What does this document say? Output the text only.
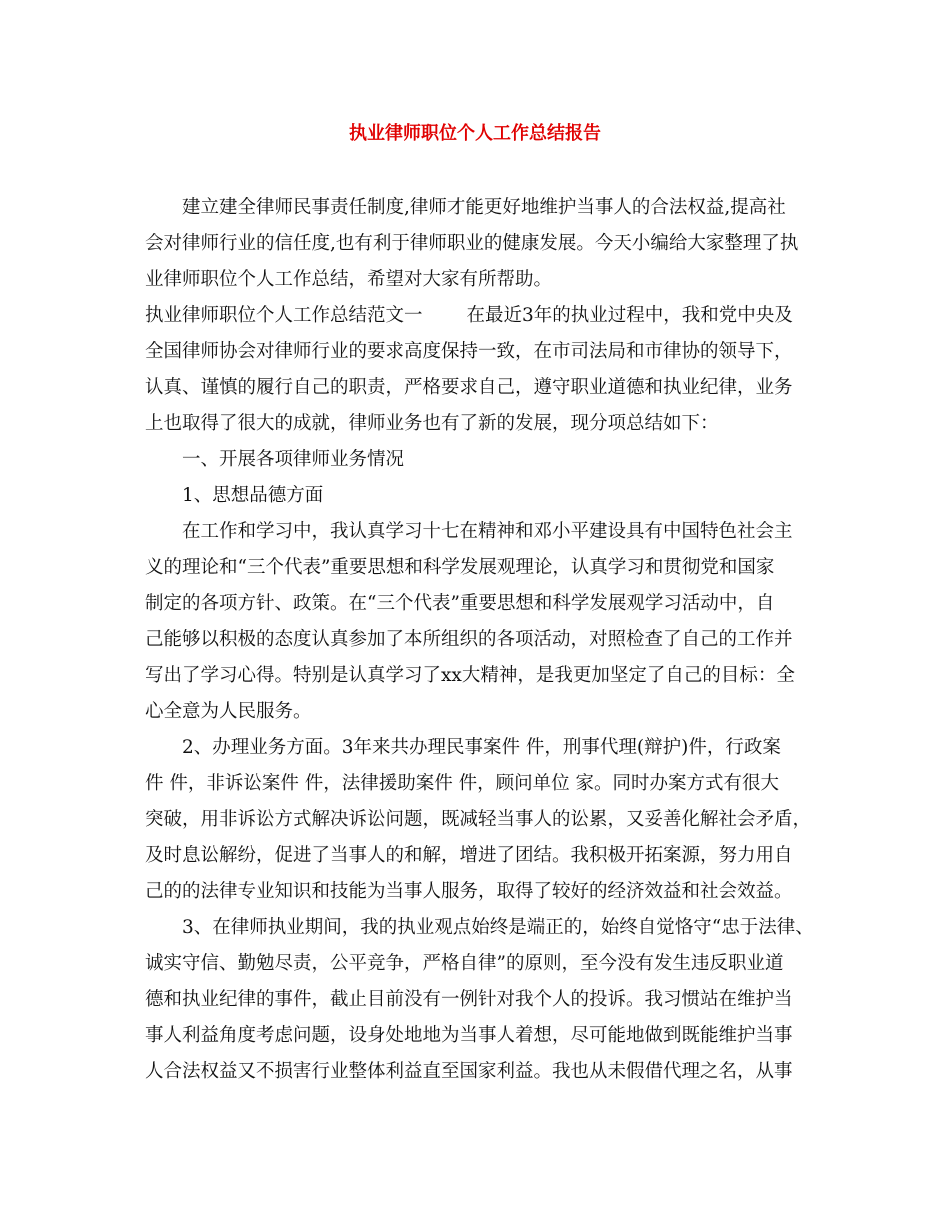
执业律师职位个人工作总结报告
建立建全律师民事责任制度,律师才能更好地维护当事人的合法权益,提高社
会对律师行业的信任度,也有利于律师职业的健康发展。今天小编给大家整理了执
业律师职位个人工作总结，希望对大家有所帮助。
执业律师职位个人工作总结范文一 在最近3年的执业过程中，我和党中央及
全国律师协会对律师行业的要求高度保持一致，在市司法局和市律协的领导下，
认真、谨慎的履行自己的职责，严格要求自己，遵守职业道德和执业纪律，业务
上也取得了很大的成就，律师业务也有了新的发展，现分项总结如下：
一、开展各项律师业务情况
1、思想品德方面
在工作和学习中，我认真学习十七在精神和邓小平建设具有中国特色社会主
义的理论和“三个代表”重要思想和科学发展观理论，认真学习和贯彻党和国家
制定的各项方针、政策。在“三个代表”重要思想和科学发展观学习活动中，自
己能够以积极的态度认真参加了本所组织的各项活动，对照检查了自己的工作并
写出了学习心得。特别是认真学习了xx大精神，是我更加坚定了自己的目标：全
心全意为人民服务。
2、办理业务方面。3年来共办理民事案件 件，刑事代理(辩护)件，行政案
件 件，非诉讼案件 件，法律援助案件 件，顾问单位 家。同时办案方式有很大
突破，用非诉讼方式解决诉讼问题，既减轻当事人的讼累，又妥善化解社会矛盾，
及时息讼解纷，促进了当事人的和解，增进了团结。我积极开拓案源，努力用自
己的的法律专业知识和技能为当事人服务，取得了较好的经济效益和社会效益。
3、在律师执业期间，我的执业观点始终是端正的，始终自觉恪守“忠于法律、
诚实守信、勤勉尽责，公平竞争，严格自律”的原则，至今没有发生违反职业道
德和执业纪律的事件，截止目前没有一例针对我个人的投诉。我习惯站在维护当
事人利益角度考虑问题，设身处地地为当事人着想，尽可能地做到既能维护当事
人合法权益又不损害行业整体利益直至国家利益。我也从未假借代理之名，从事
